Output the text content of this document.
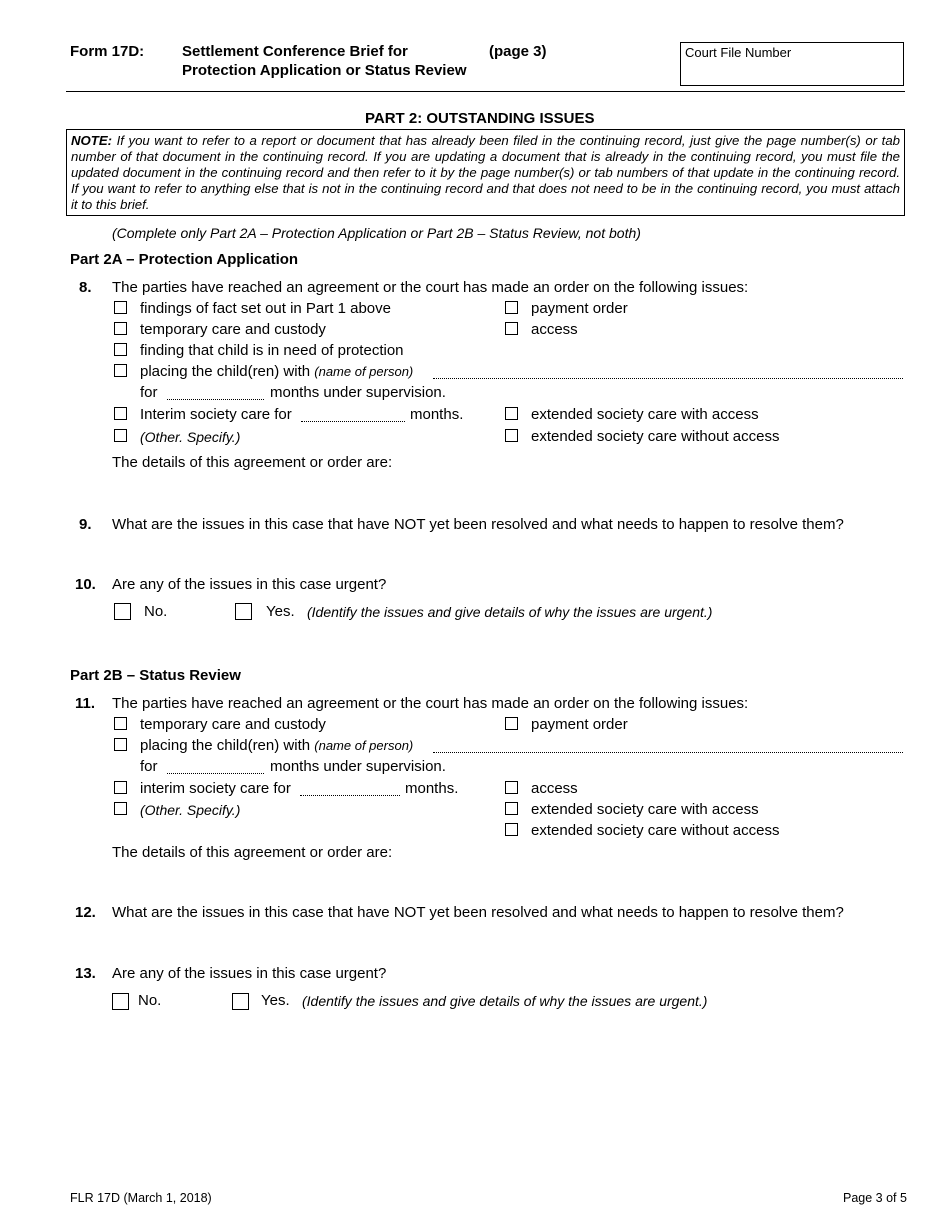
Form 17D:	Settlement Conference Brief for
Protection Application or Status Review
(page 3)	Court File Number
PART 2: OUTSTANDING ISSUES
NOTE: If you want to refer to a report or document that has already been filed in the continuing record, just give the page number(s) or tab number of that document in the continuing record. If you are updating a document that is already in the continuing record, you must file the updated document in the continuing record and then refer to it by the page number(s) or tab numbers of that update in the continuing record. If you want to refer to anything else that is not in the continuing record and that does not need to be in the continuing record, you must attach it to this brief.
(Complete only Part 2A – Protection Application or Part 2B – Status Review, not both)
Part 2A – Protection Application
8. The parties have reached an agreement or the court has made an order on the following issues:
findings of fact set out in Part 1 above	payment order
temporary care and custody	access
finding that child is in need of protection
placing the child(ren) with (name of person)
for	months under supervision.
Interim society care for	months.	extended society care with access
(Other. Specify.)	extended society care without access
The details of this agreement or order are:
9. What are the issues in this case that have NOT yet been resolved and what needs to happen to resolve them?
10. Are any of the issues in this case urgent?
No.	Yes. (Identify the issues and give details of why the issues are urgent.)
Part 2B – Status Review
11. The parties have reached an agreement or the court has made an order on the following issues:
temporary care and custody	payment order
placing the child(ren) with (name of person)
for	months under supervision.
interim society care for	months.	access
(Other. Specify.)	extended society care with access
extended society care without access
The details of this agreement or order are:
12. What are the issues in this case that have NOT yet been resolved and what needs to happen to resolve them?
13. Are any of the issues in this case urgent?
No.	Yes. (Identify the issues and give details of why the issues are urgent.)
FLR 17D (March 1, 2018)	Page 3 of 5
